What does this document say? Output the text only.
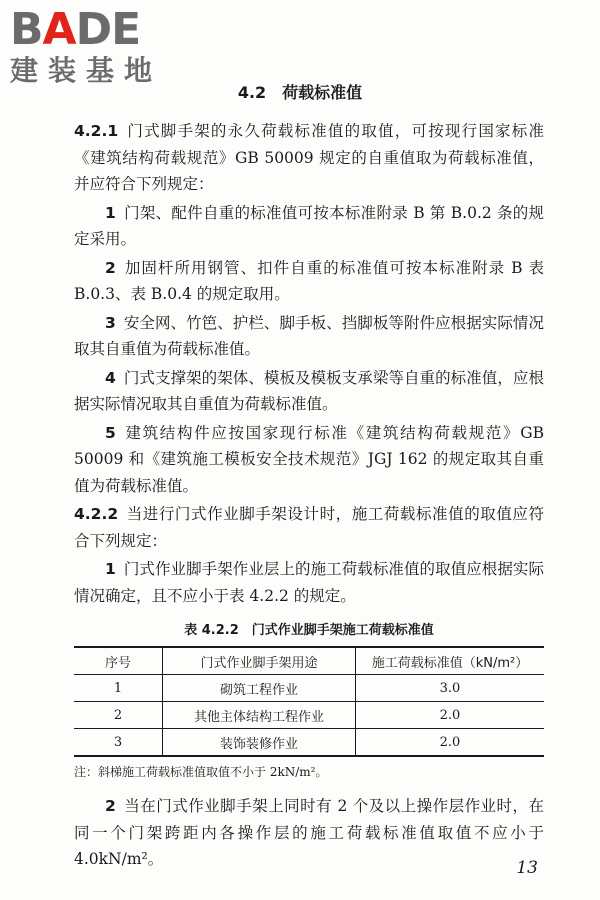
BADE
建装基地
4.2　 荷载标准值

4.2.1 门式脚手架的永久荷载标准值的取值，可按现行国家标准《建筑结构荷载规范》GB 50009 规定的自重值取为荷载标准值，并应符合下列规定：

1 门架、配件自重的标准值可按本标准附录 B 第 B.0.2 条的规定采用。

2 加固杆所用钢管、扣件自重的标准值可按本标准附录 B 表 B.0.3、表 B.0.4 的规定取用。

3 安全网、竹笆、护栏、脚手板、挡脚板等附件应根据实际情况取其自重值为荷载标准值。

4 门式支撑架的架体、模板及模板支承梁等自重的标准值，应根据实际情况取其自重值为荷载标准值。

5 建筑结构件应按国家现行标准《建筑结构荷载规范》GB 50009 和《建筑施工模板安全技术规范》JGJ 162 的规定取其自重值为荷载标准值。

4.2.2 当进行门式作业脚手架设计时，施工荷载标准值的取值应符合下列规定：

1 门式作业脚手架作业层上的施工荷载标准值的取值应根据实际情况确定，且不应小于表 4.2.2 的规定。

表 4.2.2　门式作业脚手架施工荷载标准值
序号	门式作业脚手架用途	施工荷载标准值（kN/m²）
1	砌筑工程作业	3.0
2	其他主体结构工程作业	2.0
3	装饰装修作业	2.0

注：斜梯施工荷载标准值取值不小于 2kN/m²。

2 当在门式作业脚手架上同时有 2 个及以上操作层作业时，在同一个门架跨距内各操作层的施工荷载标准值取值不应小于 4.0kN/m²。	13
